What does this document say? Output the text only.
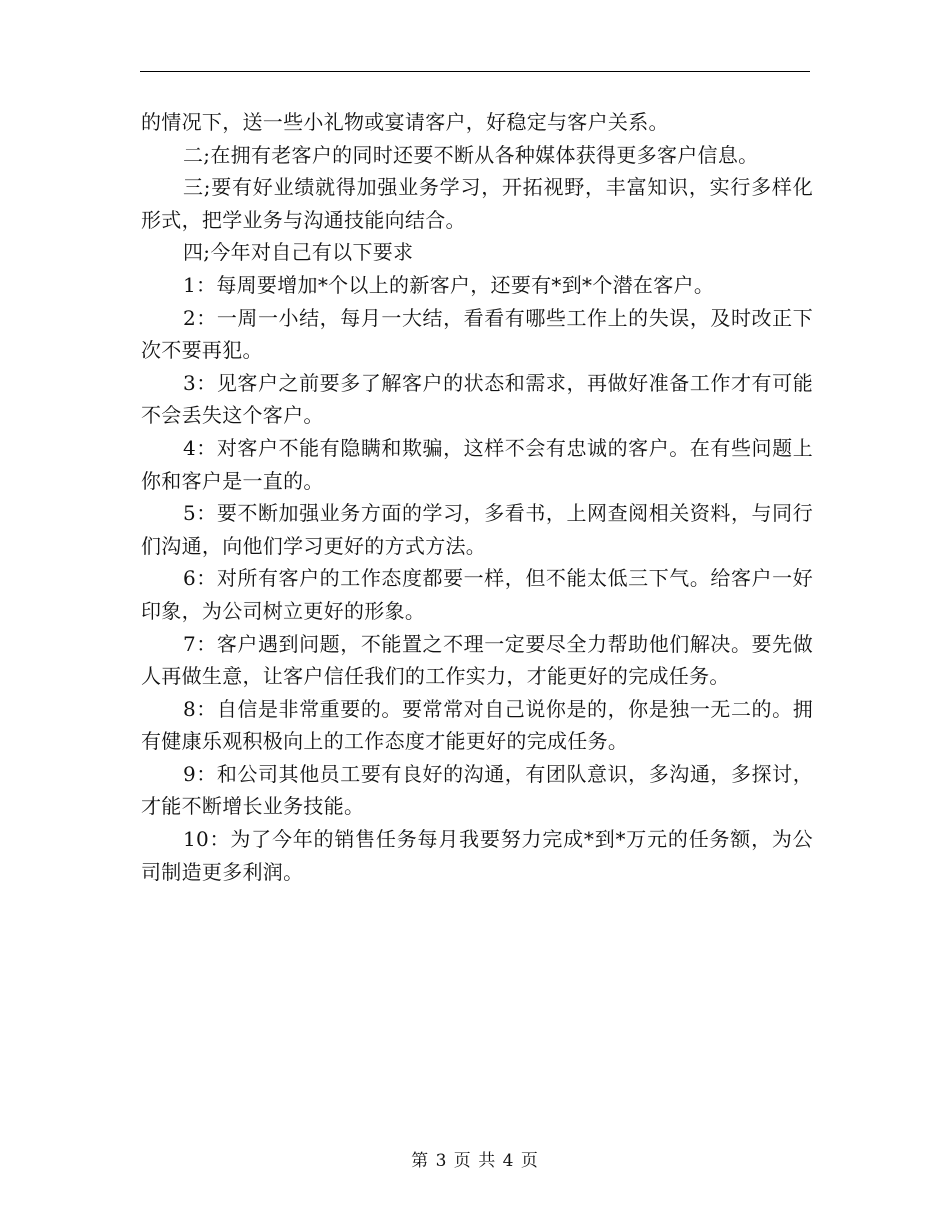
的情况下，送一些小礼物或宴请客户，好稳定与客户关系。

二;在拥有老客户的同时还要不断从各种媒体获得更多客户信息。

三;要有好业绩就得加强业务学习，开拓视野，丰富知识，实行多样化形式，把学业务与沟通技能向结合。

四;今年对自己有以下要求

1：每周要增加*个以上的新客户，还要有*到*个潜在客户。

2：一周一小结，每月一大结，看看有哪些工作上的失误，及时改正下次不要再犯。

3：见客户之前要多了解客户的状态和需求，再做好准备工作才有可能不会丢失这个客户。

4：对客户不能有隐瞒和欺骗，这样不会有忠诚的客户。在有些问题上你和客户是一直的。

5：要不断加强业务方面的学习，多看书，上网查阅相关资料，与同行们沟通，向他们学习更好的方式方法。

6：对所有客户的工作态度都要一样，但不能太低三下气。给客户一好印象，为公司树立更好的形象。

7：客户遇到问题，不能置之不理一定要尽全力帮助他们解决。要先做人再做生意，让客户信任我们的工作实力，才能更好的完成任务。

8：自信是非常重要的。要常常对自己说你是的，你是独一无二的。拥有健康乐观积极向上的工作态度才能更好的完成任务。

9：和公司其他员工要有良好的沟通，有团队意识，多沟通，多探讨，才能不断增长业务技能。

10：为了今年的销售任务每月我要努力完成*到*万元的任务额，为公司制造更多利润。

第 3 页 共 4 页
